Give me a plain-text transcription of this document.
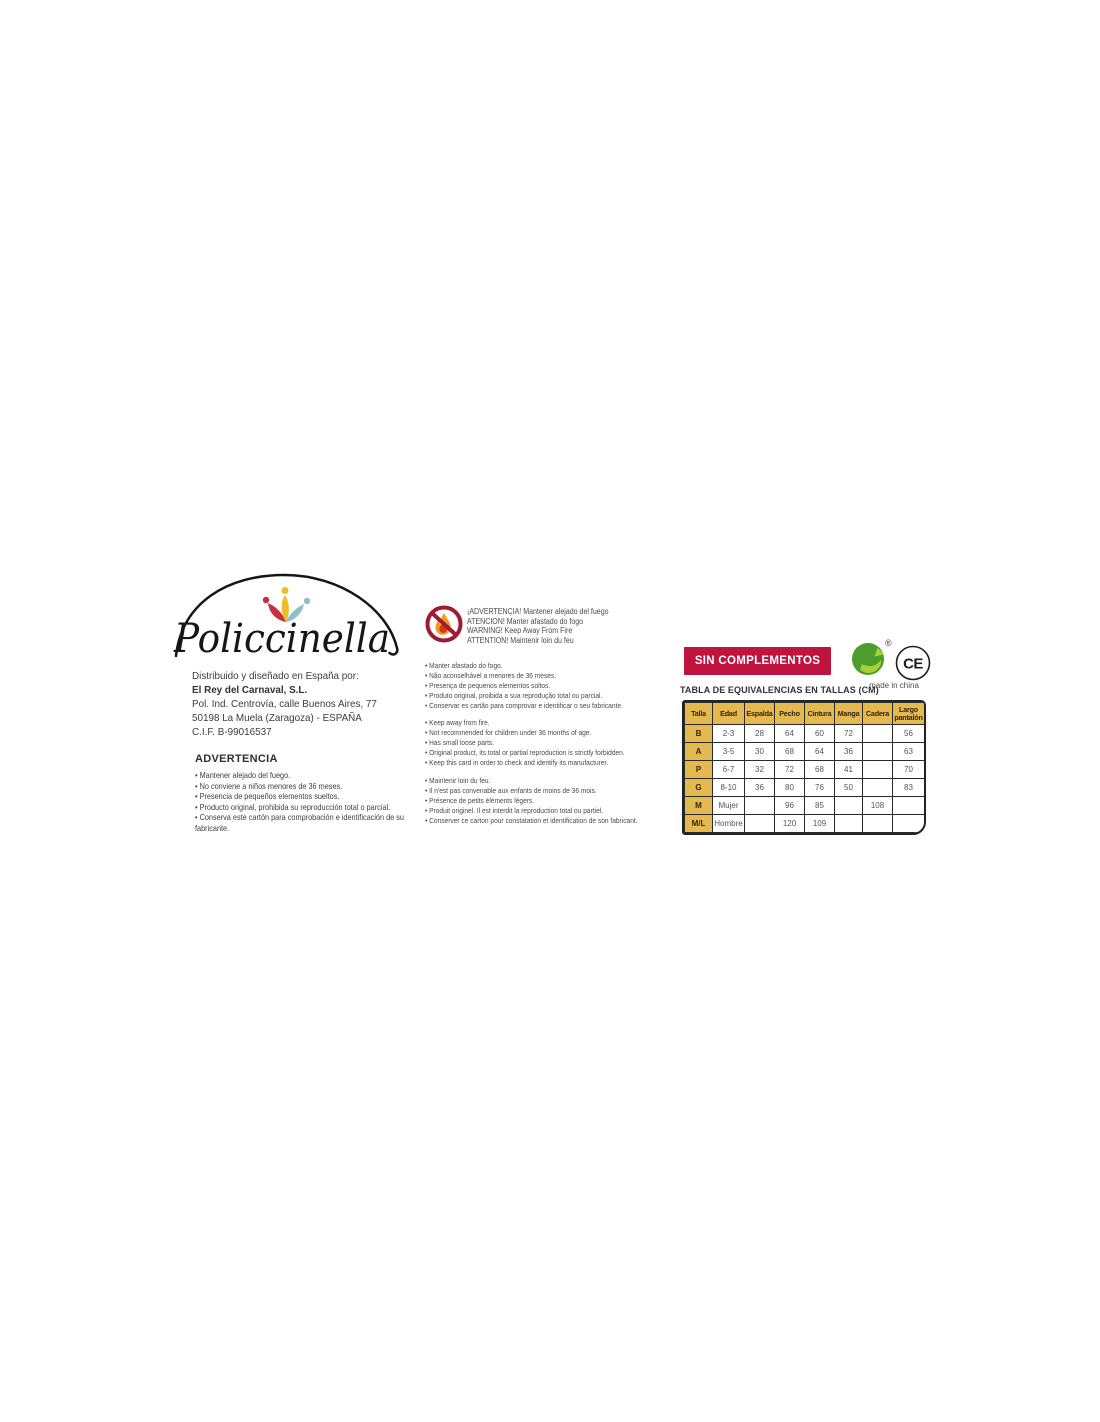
Policcinella
Distribuido y diseñado en España por:
El Rey del Carnaval, S.L.
Pol. Ind. Centrovía, calle Buenos Aires, 77
50198 La Muela (Zaragoza) - ESPAÑA
C.I.F. B-99016537
ADVERTENCIA
• Mantener alejado del fuego.
• No conviene a niños menores de 36 meses.
• Presencia de pequeños elementos sueltos.
• Producto original, prohibida su reproducción total o parcial.
• Conserva este cartón para comprobación e identificación de su fabricante.
¡ADVERTENCIA! Mantener alejado del fuego
ATENCION! Manter afastado do fogo
WARNING! Keep Away From Fire
ATTENTION! Maintenir loin du feu
• Manter afastado do fogo.
• Não aconselhável a menores de 36 meses.
• Presença de pequenos elementos soltos.
• Produto original, proibida a sua reprodução total ou parcial.
• Conservar es cartão para comprovar e identificar o seu fabricante.
• Keep away from fire.
• Not recommended for children under 36 months of age.
• Has small loose parts.
• Original product, its total or partial reproduction is strictly forbidden.
• Keep this card in order to check and identify its manufacturer.
• Maintenir loin du feu.
• Il n'est pas convenable aux enfants de moins de 36 mois.
• Présence de petits éléments légers.
• Produit originel. Il est interdit la reproduction total ou partiel.
• Conserver ce carton pour constatation et identification de son fabricant.
SIN COMPLEMENTOS
®
CE
made in china
TABLA DE EQUIVALENCIAS EN TALLAS (CM)
Talla	Edad	Espalda	Pecho	Cintura	Manga	Cadera	Largo pantalón
B	2-3	28	64	60	72		56
A	3-5	30	68	64	36		63
P	6-7	32	72	68	41		70
G	8-10	36	80	76	50		83
M	Mujer		96	85		108	
M/L	Hombre		120	109			
